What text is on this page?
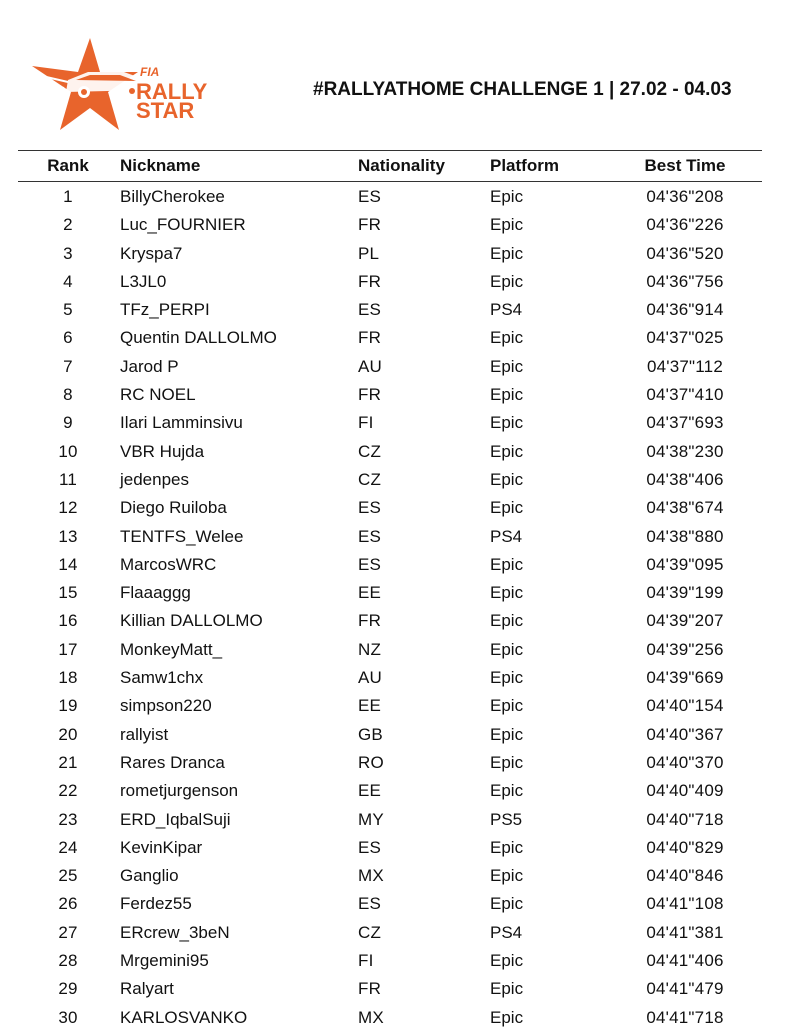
FIA
RALLY
STAR
#RALLYATHOME CHALLENGE 1 | 27.02 - 04.03
Rank	Nickname	Nationality	Platform	Best Time
1	BillyCherokee	ES	Epic	04'36"208
2	Luc_FOURNIER	FR	Epic	04'36"226
3	Kryspa7	PL	Epic	04'36"520
4	L3JL0	FR	Epic	04'36"756
5	TFz_PERPI	ES	PS4	04'36"914
6	Quentin DALLOLMO	FR	Epic	04'37"025
7	Jarod P	AU	Epic	04'37"112
8	RC NOEL	FR	Epic	04'37"410
9	Ilari Lamminsivu	FI	Epic	04'37"693
10	VBR Hujda	CZ	Epic	04'38"230
11	jedenpes	CZ	Epic	04'38"406
12	Diego Ruiloba	ES	Epic	04'38"674
13	TENTFS_Welee	ES	PS4	04'38"880
14	MarcosWRC	ES	Epic	04'39"095
15	Flaaaggg	EE	Epic	04'39"199
16	Killian DALLOLMO	FR	Epic	04'39"207
17	MonkeyMatt_	NZ	Epic	04'39"256
18	Samw1chx	AU	Epic	04'39"669
19	simpson220	EE	Epic	04'40"154
20	rallyist	GB	Epic	04'40"367
21	Rares Dranca	RO	Epic	04'40"370
22	rometjurgenson	EE	Epic	04'40"409
23	ERD_IqbalSuji	MY	PS5	04'40"718
24	KevinKipar	ES	Epic	04'40"829
25	Ganglio	MX	Epic	04'40"846
26	Ferdez55	ES	Epic	04'41"108
27	ERcrew_3beN	CZ	PS4	04'41"381
28	Mrgemini95	FI	Epic	04'41"406
29	Ralyart	FR	Epic	04'41"479
30	KARLOSVANKO	MX	Epic	04'41"718
